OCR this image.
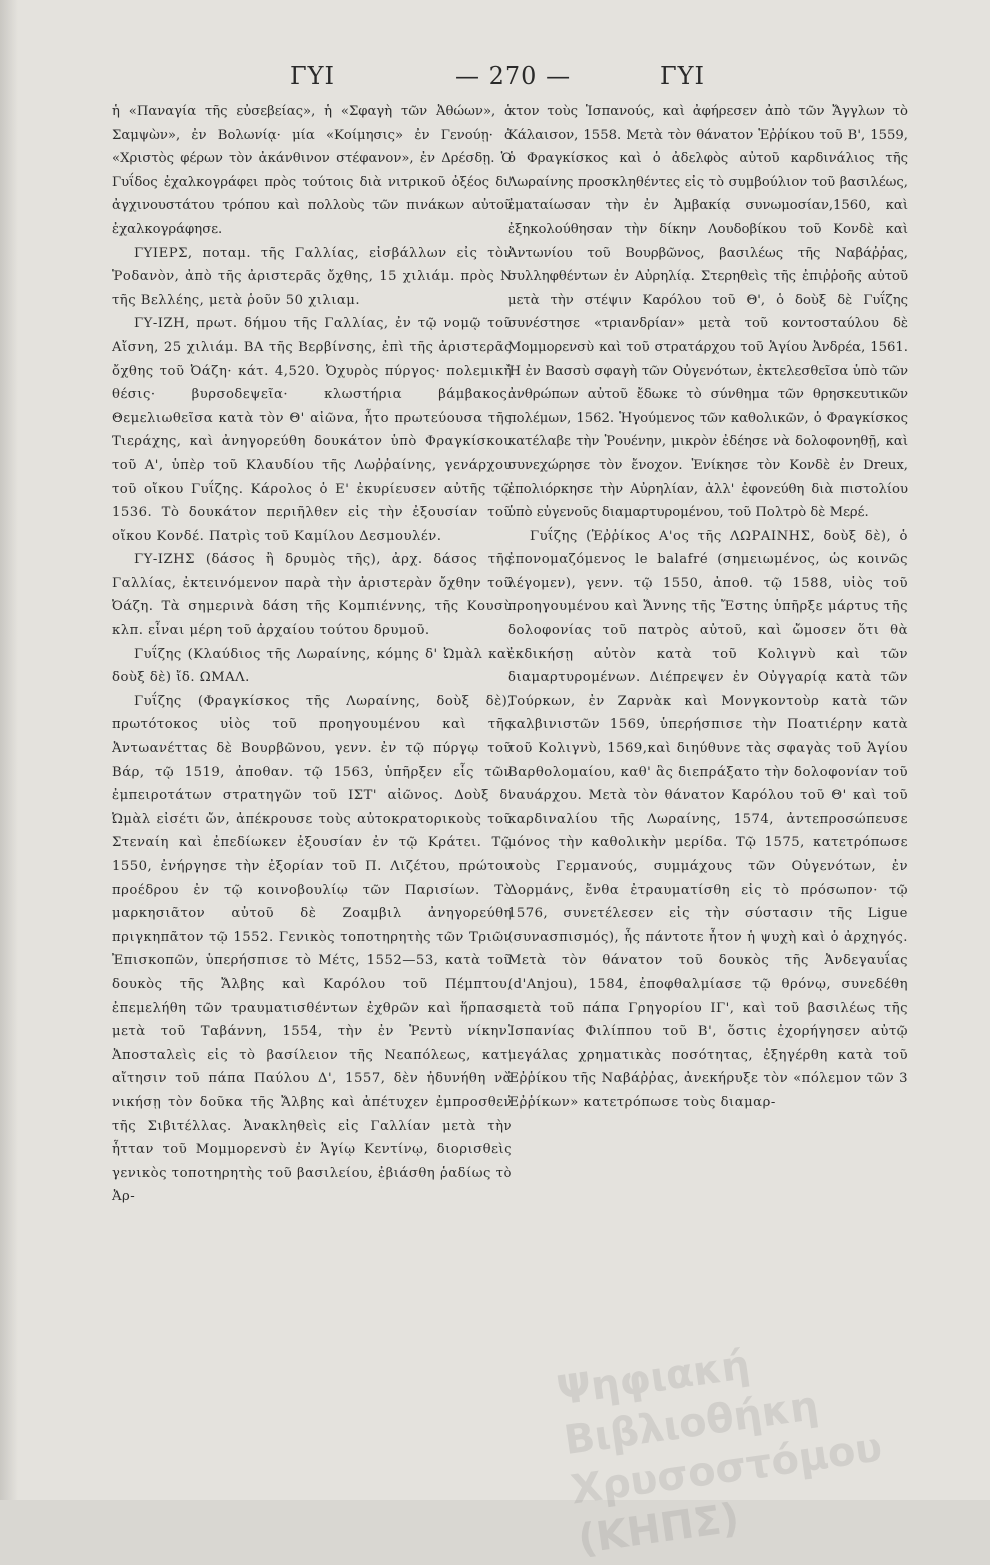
ΓΥΙ	— 270 —	ΓΥΙ

ἡ «Παναγία τῆς εὐσεβείας», ἡ «Σφαγὴ τῶν Ἀθώων», ὁ Σαμψὼν», ἐν Βολωνίᾳ· μία «Κοίμησις» ἐν Γενούῃ· ὁ «Χριστὸς φέρων τὸν ἀκάνθινον στέφανον», ἐν Δρέσδῃ. Ὁ Γυΐδος ἐχαλκογράφει πρὸς τούτοις διὰ νιτρικοῦ ὀξέος δι' ἀγχινουστάτου τρόπου καὶ πολλοὺς τῶν πινάκων αὐτοῦ ἐχαλκογράφησε.

ΓΥΙΕΡΣ, ποταμ. τῆς Γαλλίας, εἰσβάλλων εἰς τὸν Ῥοδανὸν, ἀπὸ τῆς ἀριστερᾶς ὄχθης, 15 χιλιάμ. πρὸς Ν τῆς Βελλέης, μετὰ ῥοῦν 50 χιλιαμ.

ΓΥ-ΙΖΗ, πρωτ. δήμου τῆς Γαλλίας, ἐν τῷ νομῷ τοῦ Αἴσνη, 25 χιλιάμ. ΒΑ τῆς Βερβίνσης, ἐπὶ τῆς ἀριστερᾶς ὄχθης τοῦ Ὀάζη· κάτ. 4,520. Ὀχυρὸς πύργος· πολεμικὴ θέσις· βυρσοδεψεῖα· κλωστήρια βάμβακος. Θεμελιωθεῖσα κατὰ τὸν Θ' αἰῶνα, ἦτο πρωτεύουσα τῆς Τιεράχης, καὶ ἀνηγορεύθη δουκάτον ὑπὸ Φραγκίσκου τοῦ Α', ὑπὲρ τοῦ Κλαυδίου τῆς Λωῤῥαίνης, γενάρχου τοῦ οἴκου Γυΐζης. Κάρολος ὁ Ε' ἐκυρίευσεν αὐτῆς τῷ 1536. Τὸ δουκάτον περιῆλθεν εἰς τὴν ἐξουσίαν τοῦ οἴκου Κονδέ. Πατρὶς τοῦ Καμίλου Δεσμουλέν.

ΓΥ-ΙΖΗΣ (δάσος ἢ δρυμὸς τῆς), ἀρχ. δάσος τῆς Γαλλίας, ἐκτεινόμενον παρὰ τὴν ἀριστερὰν ὄχθην τοῦ Ὀάζη. Τὰ σημερινὰ δάση τῆς Κομπιέννης, τῆς Κουσὺ κλπ. εἶναι μέρη τοῦ ἀρχαίου τούτου δρυμοῦ.

Γυΐζης (Κλαύδιος τῆς Λωραίνης, κόμης δ' Ὠμὰλ καὶ δοὺξ δὲ) ἴδ. ΩΜΑΛ.

Γυΐζης (Φραγκίσκος τῆς Λωραίνης, δοὺξ δὲ), πρωτότοκος υἱὸς τοῦ προηγουμένου καὶ τῆς Ἀντωανέττας δὲ Βουρβῶνου, γενν. ἐν τῷ πύργῳ τοῦ Βάρ, τῷ 1519, ἀποθαν. τῷ 1563, ὑπῆρξεν εἷς τῶν ἐμπειροτάτων στρατηγῶν τοῦ ΙΣΤ' αἰῶνος. Δοὺξ δ' Ὠμὰλ εἰσέτι ὤν, ἀπέκρουσε τοὺς αὐτοκρατορικοὺς τοῦ Στεναίη καὶ ἐπεδίωκεν ἐξουσίαν ἐν τῷ Κράτει. Τῷ 1550, ἐνήργησε τὴν ἐξορίαν τοῦ Π. Λιζέτου, πρώτου προέδρου ἐν τῷ κοινοβουλίῳ τῶν Παρισίων. Τὸ μαρκησιᾶτον αὐτοῦ δὲ Ζοαμβιλ ἀνηγορεύθη πριγκηπᾶτον τῷ 1552. Γενικὸς τοποτηρητὴς τῶν Τριῶν Ἐπισκοπῶν, ὑπερήσπισε τὸ Μέτς, 1552—53, κατὰ τοῦ δουκὸς τῆς Ἄλβης καὶ Καρόλου τοῦ Πέμπτου, ἐπεμελήθη τῶν τραυματισθέντων ἐχθρῶν καὶ ἥρπασε μετὰ τοῦ Ταβάννη, 1554, τὴν ἐν Ῥεντὺ νίκην. Ἀποσταλεὶς εἰς τὸ βασίλειον τῆς Νεαπόλεως, κατ' αἴτησιν τοῦ πάπα Παύλου Δ', 1557, δὲν ἠδυνήθη νὰ νικήσῃ τὸν δοῦκα τῆς Ἄλβης καὶ ἀπέτυχεν ἐμπροσθεν τῆς Σιβιτέλλας. Ἀνακληθεὶς εἰς Γαλλίαν μετὰ τὴν ἧτταν τοῦ Μομμορενσὺ ἐν Ἁγίῳ Κεντίνῳ, διορισθεὶς γενικὸς τοποτηρητὴς τοῦ βασιλείου, ἐβιάσθη ῥαδίως τὸ Ἀρ-

κτον τοὺς Ἱσπανούς, καὶ ἀφήρεσεν ἀπὸ τῶν Ἄγγλων τὸ Κάλαισον, 1558. Μετὰ τὸν θάνατον Ἑῤῥίκου τοῦ Β', 1559, ὁ Φραγκίσκος καὶ ὁ ἀδελφὸς αὐτοῦ καρδινάλιος τῆς Λωραίνης προσκληθέντες εἰς τὸ συμβούλιον τοῦ βασιλέως, ἐματαίωσαν τὴν ἐν Ἀμβακίᾳ συνωμοσίαν,1560, καὶ ἐξηκολούθησαν τὴν δίκην Λουδοβίκου τοῦ Κονδὲ καὶ Ἀντωνίου τοῦ Βουρβῶνος, βασιλέως τῆς Ναβάῤῥας, συλληφθέντων ἐν Αὐρηλίᾳ. Στερηθεὶς τῆς ἐπιῤῥοῆς αὐτοῦ μετὰ τὴν στέψιν Καρόλου τοῦ Θ', ὁ δοὺξ δὲ Γυΐζης συνέστησε «τριανδρίαν» μετὰ τοῦ κοντοσταύλου δὲ Μομμορενσὺ καὶ τοῦ στρατάρχου τοῦ Ἁγίου Ἀνδρέα, 1561. Ἡ ἐν Βασσὺ σφαγὴ τῶν Οὐγενότων, ἐκτελεσθεῖσα ὑπὸ τῶν ἀνθρώπων αὐτοῦ ἔδωκε τὸ σύνθημα τῶν θρησκευτικῶν πολέμων, 1562. Ἡγούμενος τῶν καθολικῶν, ὁ Φραγκίσκος κατέλαβε τὴν Ῥουένην, μικρὸν ἐδέησε νὰ δολοφονηθῇ, καὶ συνεχώρησε τὸν ἔνοχον. Ἐνίκησε τὸν Κονδὲ ἐν Dreux, ἐπολιόρκησε τὴν Αὐρηλίαν, ἀλλ' ἐφονεύθη διὰ πιστολίου ὑπὸ εὐγενοῦς διαμαρτυρομένου, τοῦ Πολτρὸ δὲ Μερέ.

Γυΐζης (Ἑῤῥίκος Α'ος τῆς ΛΩΡΑΙΝΗΣ, δοὺξ δὲ), ὁ ἐπονομαζόμενος le balafré (σημειωμένος, ὡς κοινῶς λέγομεν), γενν. τῷ 1550, ἀποθ. τῷ 1588, υἱὸς τοῦ προηγουμένου καὶ Ἄννης τῆς Ἔστης ὑπῆρξε μάρτυς τῆς δολοφονίας τοῦ πατρὸς αὐτοῦ, καὶ ὤμοσεν ὅτι θὰ ἐκδικήσῃ αὐτὸν κατὰ τοῦ Κολιγνὺ καὶ τῶν διαμαρτυρομένων. Διέπρεψεν ἐν Οὐγγαρίᾳ κατὰ τῶν Τούρκων, ἐν Ζαρνὰκ καὶ Μονγκοντοὺρ κατὰ τῶν καλβινιστῶν 1569, ὑπερήσπισε τὴν Ποατιέρην κατὰ τοῦ Κολιγνὺ, 1569,καὶ διηύθυνε τὰς σφαγὰς τοῦ Ἁγίου Βαρθολομαίου, καθ' ἃς διεπράξατο τὴν δολοφονίαν τοῦ ναυάρχου. Μετὰ τὸν θάνατον Καρόλου τοῦ Θ' καὶ τοῦ καρδιναλίου τῆς Λωραίνης, 1574, ἀντεπροσώπευσε μόνος τὴν καθολικὴν μερίδα. Τῷ 1575, κατετρόπωσε τοὺς Γερμανούς, συμμάχους τῶν Οὐγενότων, ἐν Δορμάνς, ἔνθα ἐτραυματίσθη εἰς τὸ πρόσωπον· τῷ 1576, συνετέλεσεν εἰς τὴν σύστασιν τῆς Ligue (συνασπισμός), ἧς πάντοτε ἦτον ἡ ψυχὴ καὶ ὁ ἀρχηγός. Μετὰ τὸν θάνατον τοῦ δουκὸς τῆς Ἀνδεγαυΐας (d'Anjou), 1584, ἐποφθαλμίασε τῷ θρόνῳ, συνεδέθη μετὰ τοῦ πάπα Γρηγορίου ΙΓ', καὶ τοῦ βασιλέως τῆς Ἱσπανίας Φιλίππου τοῦ Β', ὅστις ἐχορήγησεν αὐτῷ μεγάλας χρηματικὰς ποσότητας, ἐξηγέρθη κατὰ τοῦ Ἑῤῥίκου τῆς Ναβάῤῥας, ἀνεκήρυξε τὸν «πόλεμον τῶν 3 Ἑῤῥίκων» κατετρόπωσε τοὺς διαμαρ-

Ψηφιακή Βιβλιοθήκη Χρυσοστόμου (ΚΗΠΣ)
